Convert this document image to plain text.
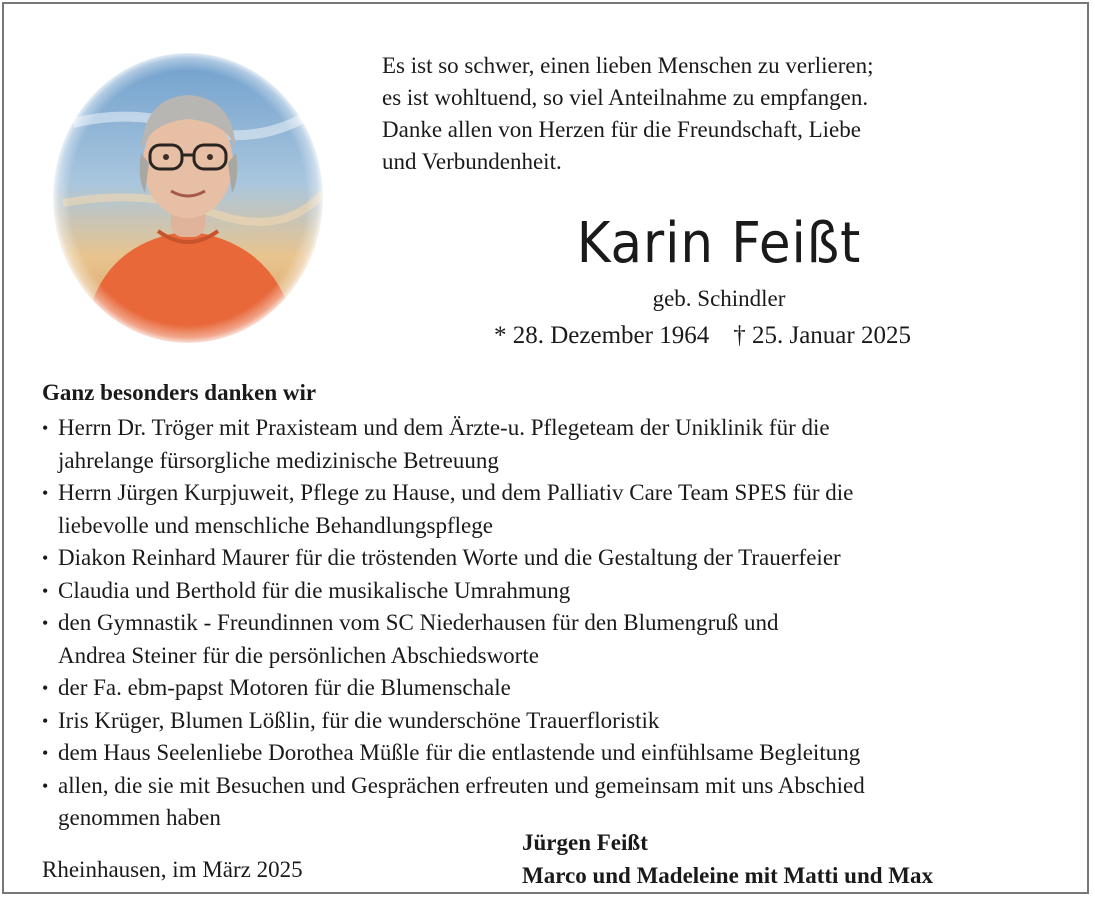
Es ist so schwer, einen lieben Menschen zu verlieren;
es ist wohltuend, so viel Anteilnahme zu empfangen.
Danke allen von Herzen für die Freundschaft, Liebe
und Verbundenheit.
Karin Feißt
geb. Schindler
* 28. Dezember 1964 † 25. Januar 2025
Ganz besonders danken wir
• Herrn Dr. Tröger mit Praxisteam und dem Ärzte-u. Pflegeteam der Uniklinik für die
jahrelange fürsorgliche medizinische Betreuung
• Herrn Jürgen Kurpjuweit, Pflege zu Hause, und dem Palliativ Care Team SPES für die
liebevolle und menschliche Behandlungspflege
• Diakon Reinhard Maurer für die tröstenden Worte und die Gestaltung der Trauerfeier
• Claudia und Berthold für die musikalische Umrahmung
• den Gymnastik - Freundinnen vom SC Niederhausen für den Blumengruß und
Andrea Steiner für die persönlichen Abschiedsworte
• der Fa. ebm-papst Motoren für die Blumenschale
• Iris Krüger, Blumen Lößlin, für die wunderschöne Trauerfloristik
• dem Haus Seelenliebe Dorothea Müßle für die entlastende und einfühlsame Begleitung
• allen, die sie mit Besuchen und Gesprächen erfreuten und gemeinsam mit uns Abschied
genommen haben
Rheinhausen, im März 2025
Jürgen Feißt
Marco und Madeleine mit Matti und Max
